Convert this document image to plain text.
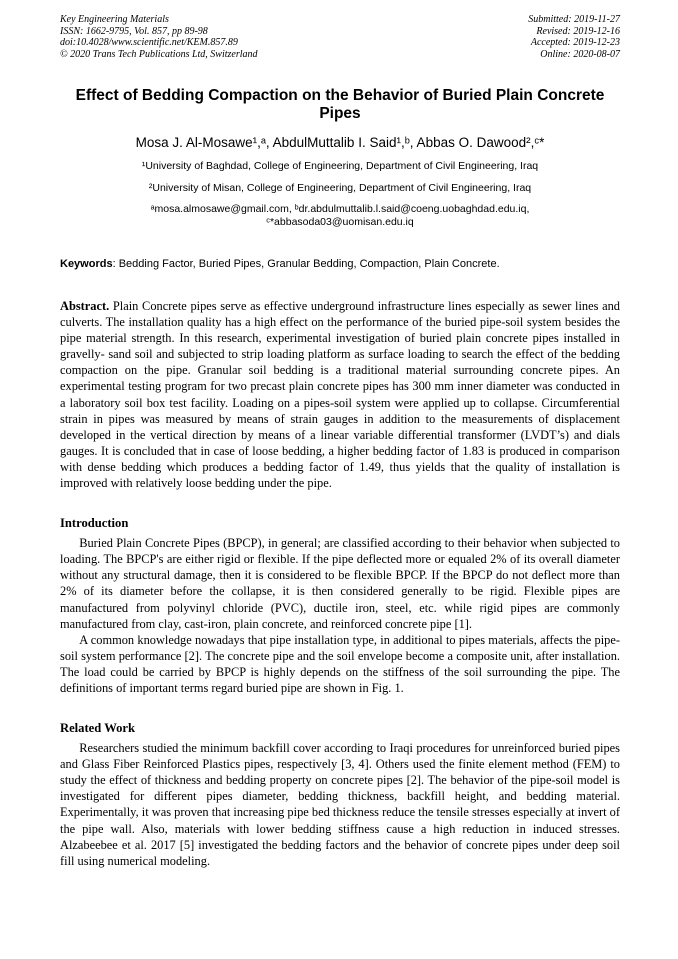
Key Engineering Materials
ISSN: 1662-9795, Vol. 857, pp 89-98
doi:10.4028/www.scientific.net/KEM.857.89
© 2020 Trans Tech Publications Ltd, Switzerland
Submitted: 2019-11-27
Revised: 2019-12-16
Accepted: 2019-12-23
Online: 2020-08-07
Effect of Bedding Compaction on the Behavior of Buried Plain Concrete
Pipes
Mosa J. Al-Mosawe¹,ᵃ, AbdulMuttalib I. Said¹,ᵇ, Abbas O. Dawood²,ᶜ*
¹University of Baghdad, College of Engineering, Department of Civil Engineering, Iraq
²University of Misan, College of Engineering, Department of Civil Engineering, Iraq
ᵃmosa.almosawe@gmail.com, ᵇdr.abdulmuttalib.l.said@coeng.uobaghdad.edu.iq,
ᶜ*abbasoda03@uomisan.edu.iq

Keywords: Bedding Factor, Buried Pipes, Granular Bedding, Compaction, Plain Concrete.

Abstract. Plain Concrete pipes serve as effective underground infrastructure lines especially as sewer lines and culverts. The installation quality has a high effect on the performance of the buried pipe-soil system besides the pipe material strength. In this research, experimental investigation of buried plain concrete pipes installed in gravelly- sand soil and subjected to strip loading platform as surface loading to search the effect of the bedding compaction on the pipe. Granular soil bedding is a traditional material surrounding concrete pipes. An experimental testing program for two precast plain concrete pipes has 300 mm inner diameter was conducted in a laboratory soil box test facility. Loading on a pipes-soil system were applied up to collapse. Circumferential strain in pipes was measured by means of strain gauges in addition to the measurements of displacement developed in the vertical direction by means of a linear variable differential transformer (LVDT’s) and dials gauges. It is concluded that in case of loose bedding, a higher bedding factor of 1.83 is produced in comparison with dense bedding which produces a bedding factor of 1.49, thus yields that the quality of installation is improved with relatively loose bedding under the pipe.

Introduction

Buried Plain Concrete Pipes (BPCP), in general; are classified according to their behavior when subjected to loading. The BPCP's are either rigid or flexible. If the pipe deflected more or equaled 2% of its overall diameter without any structural damage, then it is considered to be flexible BPCP. If the BPCP do not deflect more than 2% of its diameter before the collapse, it is then considered generally to be rigid. Flexible pipes are manufactured from polyvinyl chloride (PVC), ductile iron, steel, etc. while rigid pipes are commonly manufactured from clay, cast-iron, plain concrete, and reinforced concrete pipe [1].

A common knowledge nowadays that pipe installation type, in additional to pipes materials, affects the pipe-soil system performance [2]. The concrete pipe and the soil envelope become a composite unit, after installation. The load could be carried by BPCP is highly depends on the stiffness of the soil surrounding the pipe. The definitions of important terms regard buried pipe are shown in Fig. 1.

Related Work

Researchers studied the minimum backfill cover according to Iraqi procedures for unreinforced buried pipes and Glass Fiber Reinforced Plastics pipes, respectively [3, 4]. Others used the finite element method (FEM) to study the effect of thickness and bedding property on concrete pipes [2]. The behavior of the pipe-soil model is investigated for different pipes diameter, bedding thickness, backfill height, and bedding material. Experimentally, it was proven that increasing pipe bed thickness reduce the tensile stresses especially at invert of the pipe wall. Also, materials with lower bedding stiffness cause a high reduction in induced stresses. Alzabeebee et al. 2017 [5] investigated the bedding factors and the behavior of concrete pipes under deep soil fill using numerical modeling.
